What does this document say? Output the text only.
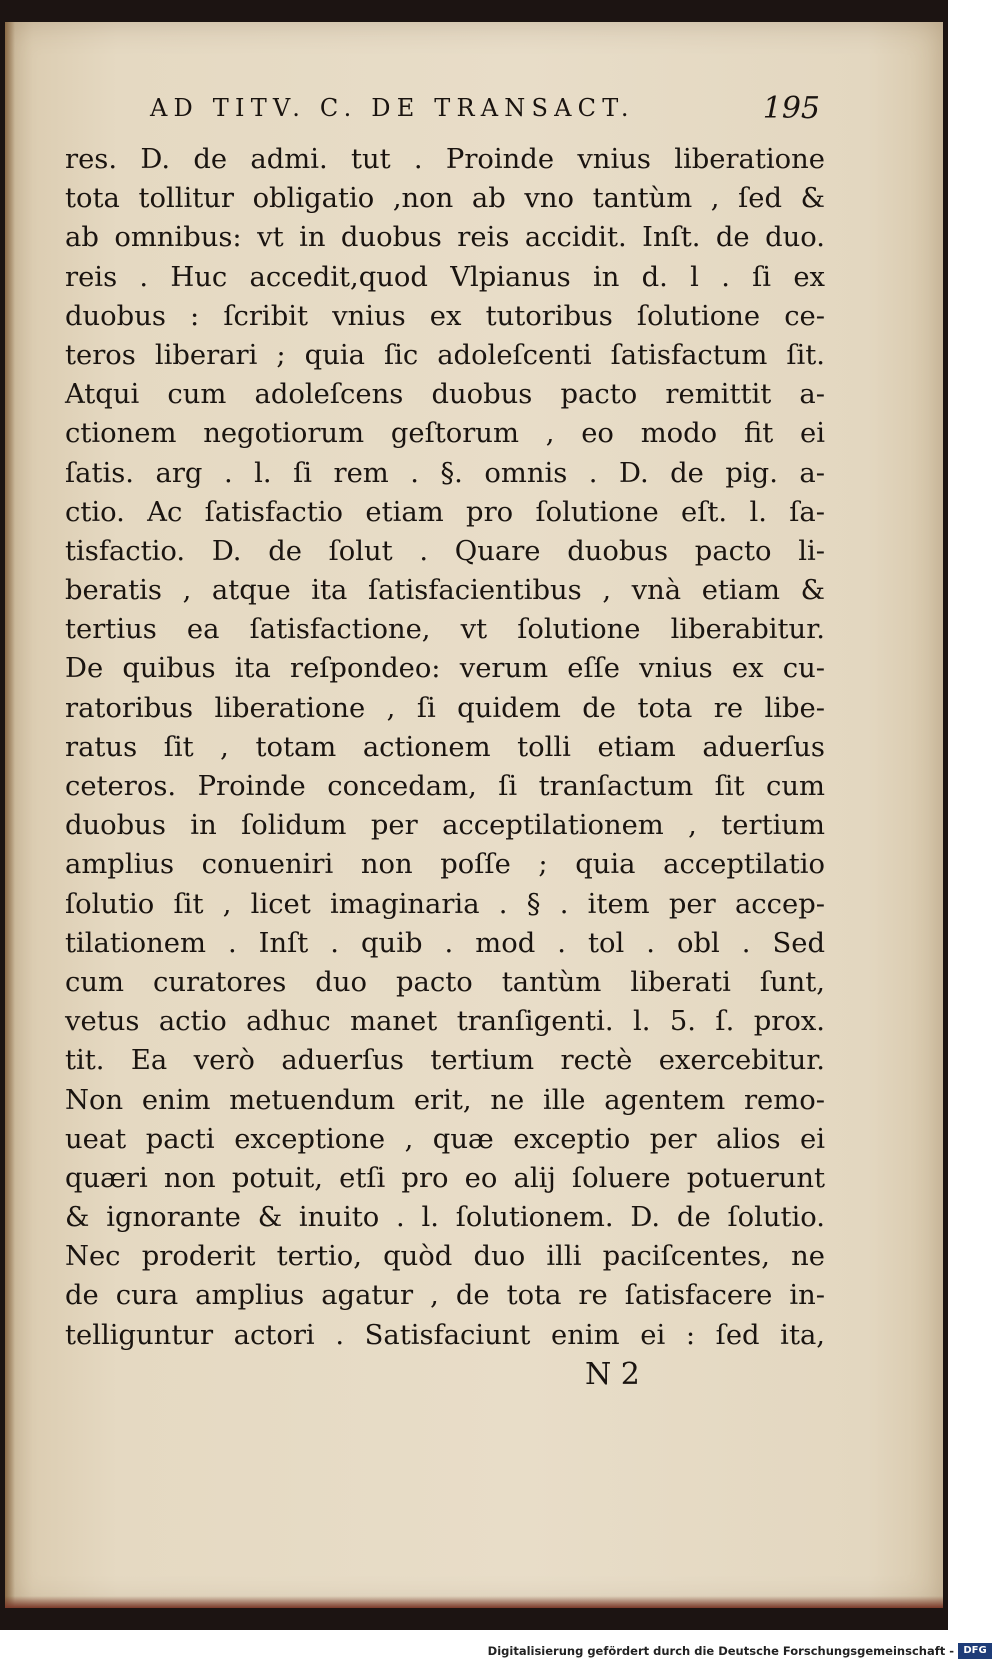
AD TITV. C. DE TRANSACT.	195
res. D. de admi. tut . Proinde vnius liberatione
tota tollitur obligatio ,non ab vno tantùm , ſed &
ab omnibus: vt in duobus reis accidit. Inſt. de duo.
reis . Huc accedit,quod Vlpianus in d. l . ſi ex
duobus : ſcribit vnius ex tutoribus ſolutione ce-
teros liberari ; quia ſic adoleſcenti ſatisfactum ſit.
Atqui cum adoleſcens duobus pacto remittit a-
ctionem negotiorum geſtorum , eo modo fit ei
ſatis. arg . l. ſi rem . §. omnis . D. de pig. a-
ctio. Ac ſatisfactio etiam pro ſolutione eſt. l. ſa-
tisfactio. D. de ſolut . Quare duobus pacto li-
beratis , atque ita ſatisfacientibus , vnà etiam &
tertius ea ſatisfactione, vt ſolutione liberabitur.
De quibus ita reſpondeo: verum eſſe vnius ex cu-
ratoribus liberatione , ſi quidem de tota re libe-
ratus ſit , totam actionem tolli etiam aduerſus
ceteros. Proinde concedam, ſi tranſactum ſit cum
duobus in ſolidum per acceptilationem , tertium
amplius conueniri non poſſe ; quia acceptilatio
ſolutio ſit , licet imaginaria . § . item per accep-
tilationem . Inſt . quib . mod . tol . obl . Sed
cum curatores duo pacto tantùm liberati ſunt,
vetus actio adhuc manet tranſigenti. l. 5. ſ. prox.
tit. Ea verò aduerſus tertium rectè exercebitur.
Non enim metuendum erit, ne ille agentem remo-
ueat pacti exceptione , quæ exceptio per alios ei
quæri non potuit, etſi pro eo alij ſoluere potuerunt
& ignorante & inuito . l. ſolutionem. D. de ſolutio.
Nec proderit tertio, quòd duo illi paciſcentes, ne
de cura amplius agatur , de tota re ſatisfacere in-
telliguntur actori . Satisfaciunt enim ei : ſed ita,
N 2
Digitalisierung gefördert durch die Deutsche Forschungsgemeinschaft - DFG
